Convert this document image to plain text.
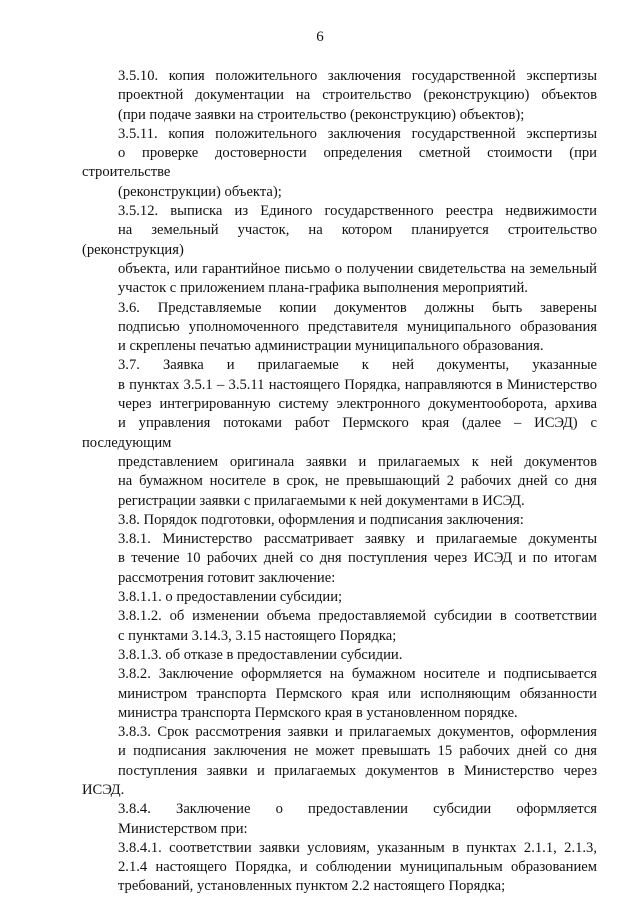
6

3.5.10. копия положительного заключения государственной экспертизы
проектной документации на строительство (реконструкцию) объектов
(при подаче заявки на строительство (реконструкцию) объектов);

3.5.11. копия положительного заключения государственной экспертизы
о проверке достоверности определения сметной стоимости (при строительстве
(реконструкции) объекта);

3.5.12. выписка из Единого государственного реестра недвижимости
на земельный участок, на котором планируется строительство (реконструкция)
объекта, или гарантийное письмо о получении свидетельства на земельный
участок с приложением плана-графика выполнения мероприятий.

3.6. Представляемые копии документов должны быть заверены
подписью уполномоченного представителя муниципального образования
и скреплены печатью администрации муниципального образования.

3.7. Заявка и прилагаемые к ней документы, указанные
в пунктах 3.5.1 – 3.5.11 настоящего Порядка, направляются в Министерство
через интегрированную систему электронного документооборота, архива
и управления потоками работ Пермского края (далее – ИСЭД) с последующим
представлением оригинала заявки и прилагаемых к ней документов
на бумажном носителе в срок, не превышающий 2 рабочих дней со дня
регистрации заявки с прилагаемыми к ней документами в ИСЭД.

3.8. Порядок подготовки, оформления и подписания заключения:

3.8.1. Министерство рассматривает заявку и прилагаемые документы
в течение 10 рабочих дней со дня поступления через ИСЭД и по итогам
рассмотрения готовит заключение:

3.8.1.1. о предоставлении субсидии;

3.8.1.2. об изменении объема предоставляемой субсидии в соответствии
с пунктами 3.14.3, 3.15 настоящего Порядка;

3.8.1.3. об отказе в предоставлении субсидии.

3.8.2. Заключение оформляется на бумажном носителе и подписывается
министром транспорта Пермского края или исполняющим обязанности
министра транспорта Пермского края в установленном порядке.

3.8.3. Срок рассмотрения заявки и прилагаемых документов, оформления
и подписания заключения не может превышать 15 рабочих дней со дня
поступления заявки и прилагаемых документов в Министерство через ИСЭД.

3.8.4. Заключение о предоставлении субсидии оформляется
Министерством при:

3.8.4.1. соответствии заявки условиям, указанным в пунктах 2.1.1, 2.1.3,
2.1.4 настоящего Порядка, и соблюдении муниципальным образованием
требований, установленных пунктом 2.2 настоящего Порядка;
